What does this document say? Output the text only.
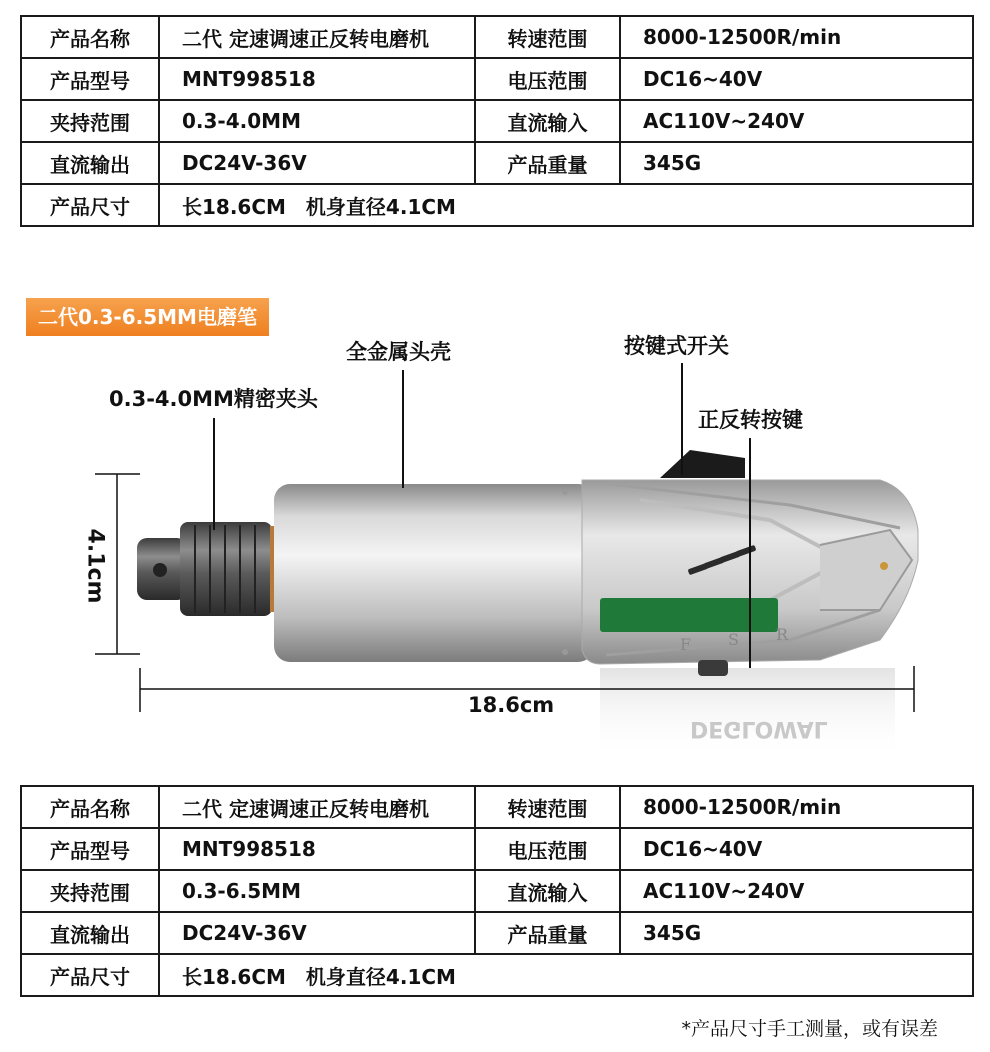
产品名称	二代 定速调速正反转电磨机	转速范围	8000-12500R/min
产品型号	MNT998518	电压范围	DC16~40V
夹持范围	0.3-4.0MM	直流输入	AC110V~240V
直流输出	DC24V-36V	产品重量	345G
产品尺寸	长18.6CM　机身直径4.1CM		
二代0.3-6.5MM电磨笔
DEGLOWAL
F S R
全金属头壳	按键式开关
0.3-4.0MM精密夹头
正反转按键
4.1cm
18.6cm
产品名称	二代 定速调速正反转电磨机	转速范围	8000-12500R/min
产品型号	MNT998518	电压范围	DC16~40V
夹持范围	0.3-6.5MM	直流输入	AC110V~240V
直流输出	DC24V-36V	产品重量	345G
产品尺寸	长18.6CM　机身直径4.1CM		
*产品尺寸手工测量，或有误差
